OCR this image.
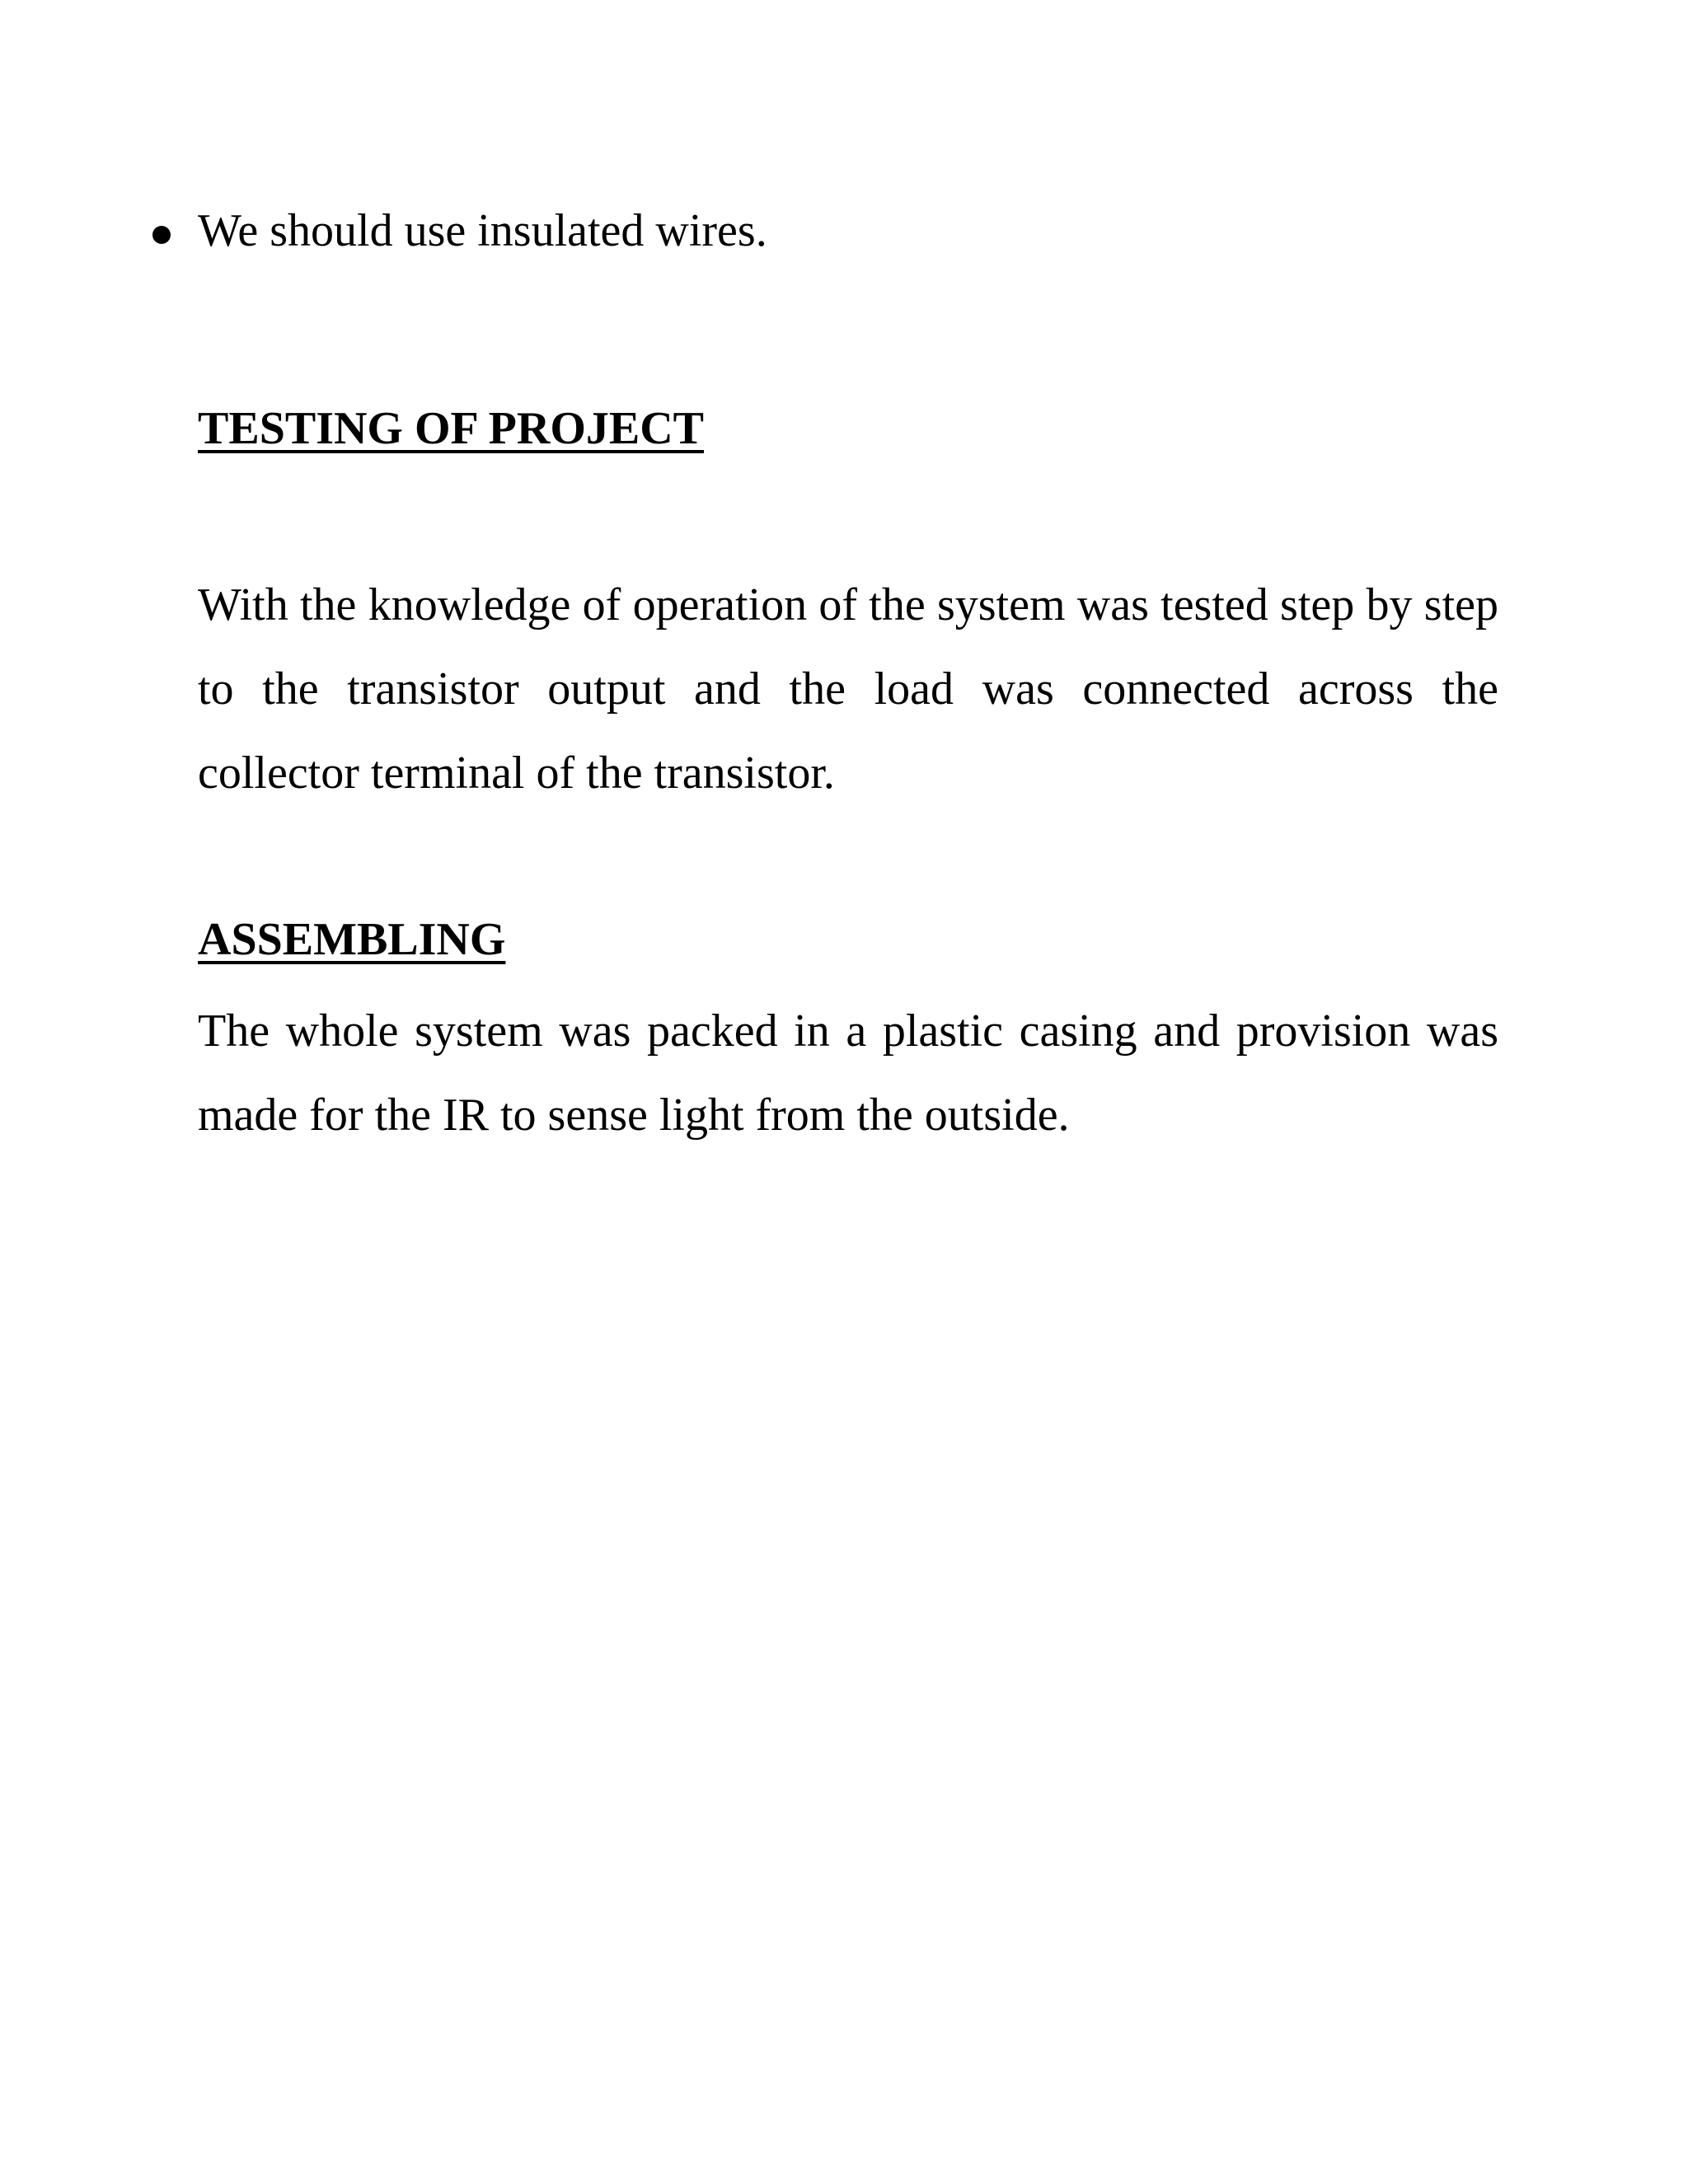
We should use insulated wires.
TESTING OF PROJECT

With the knowledge of operation of the system was tested step by step to the transistor output and the load was connected across the collector terminal of the transistor.

ASSEMBLING

The whole system was packed in a plastic casing and provision was made for the IR to sense light from the outside.
